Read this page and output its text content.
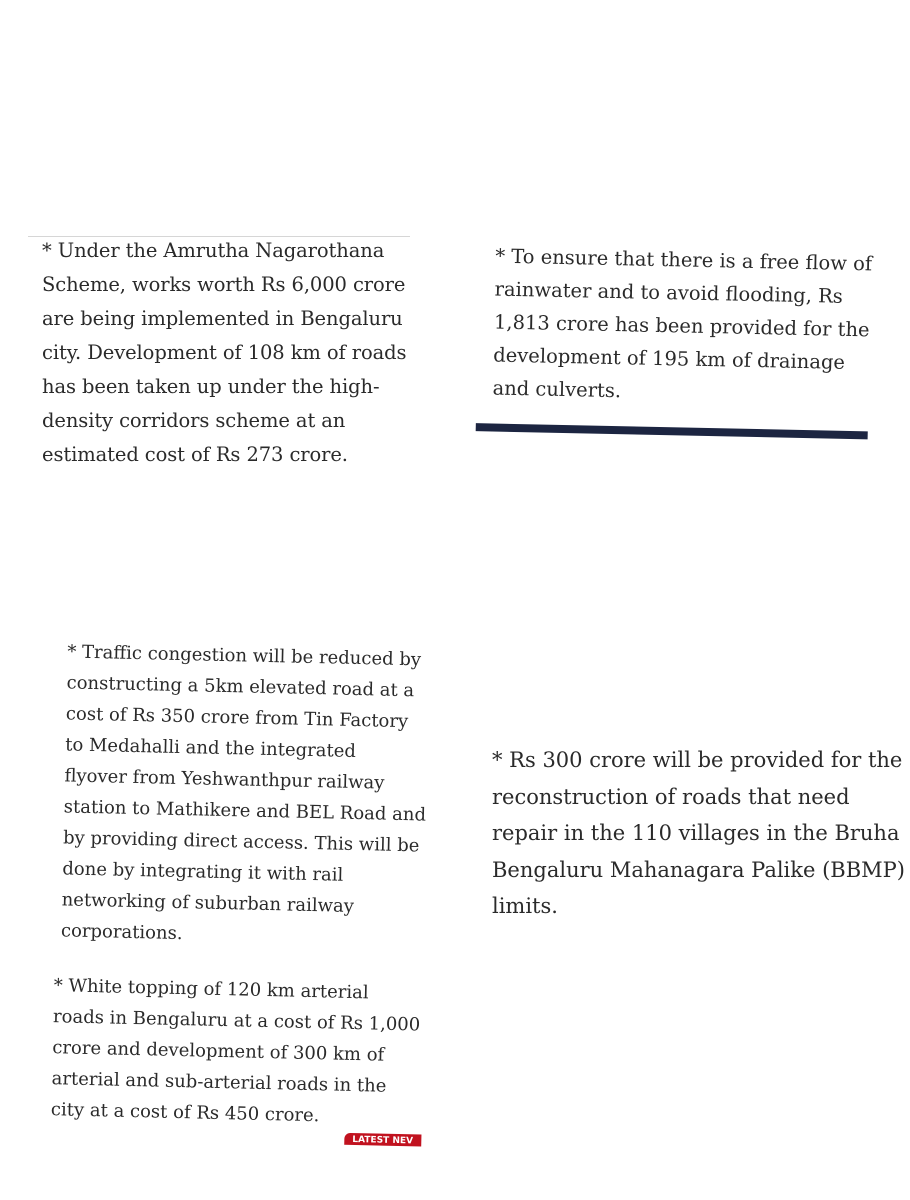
* Under the Amrutha Nagarothana
Scheme, works worth Rs 6,000 crore
are being implemented in Bengaluru
city. Development of 108 km of roads
has been taken up under the high-
density corridors scheme at an
estimated cost of Rs 273 crore.

* To ensure that there is a free flow of
rainwater and to avoid flooding, Rs
1,813 crore has been provided for the
development of 195 km of drainage
and culverts.

* Traffic congestion will be reduced by
constructing a 5km elevated road at a
cost of Rs 350 crore from Tin Factory
to Medahalli and the integrated
flyover from Yeshwanthpur railway
station to Mathikere and BEL Road and
by providing direct access. This will be
done by integrating it with rail
networking of suburban railway
corporations.

* White topping of 120 km arterial
roads in Bengaluru at a cost of Rs 1,000
crore and development of 300 km of
arterial and sub-arterial roads in the
city at a cost of Rs 450 crore.

LATEST NEV

* Rs 300 crore will be provided for the
reconstruction of roads that need
repair in the 110 villages in the Bruha
Bengaluru Mahanagara Palike (BBMP)
limits.
